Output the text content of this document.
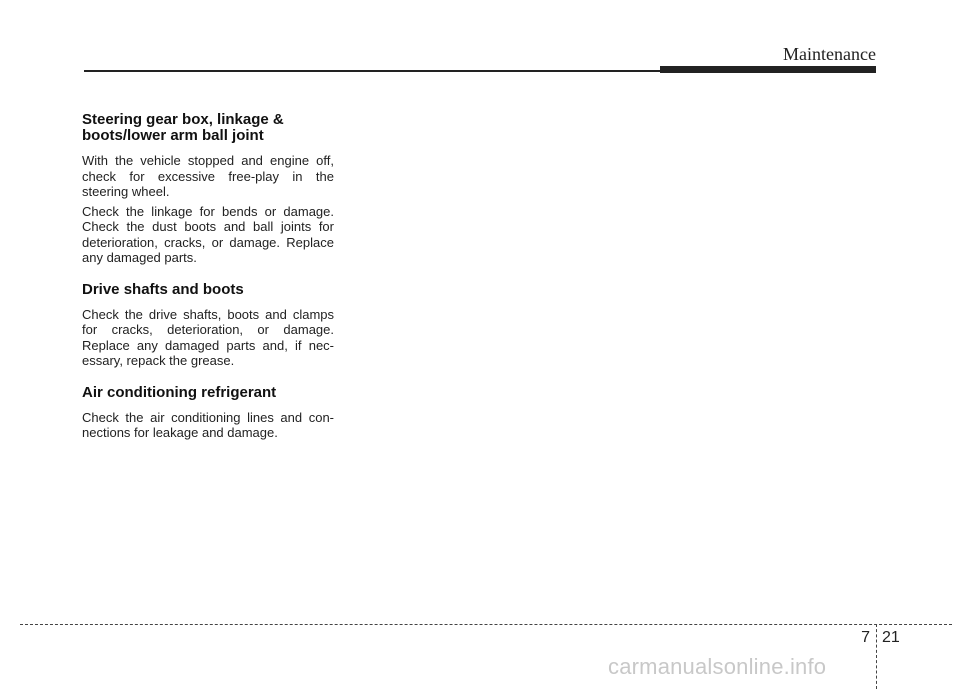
Maintenance
Steering gear box, linkage & boots/lower arm ball joint

With the vehicle stopped and engine off, check for excessive free-play in the steering wheel.

Check the linkage for bends or damage. Check the dust boots and ball joints for deterioration, cracks, or damage. Replace any damaged parts.

Drive shafts and boots

Check the drive shafts, boots and clamps for cracks, deterioration, or damage. Replace any damaged parts and, if nec-essary, repack the grease.

Air conditioning refrigerant

Check the air conditioning lines and con-nections for leakage and damage.

7 21
carmanualsonline.info
